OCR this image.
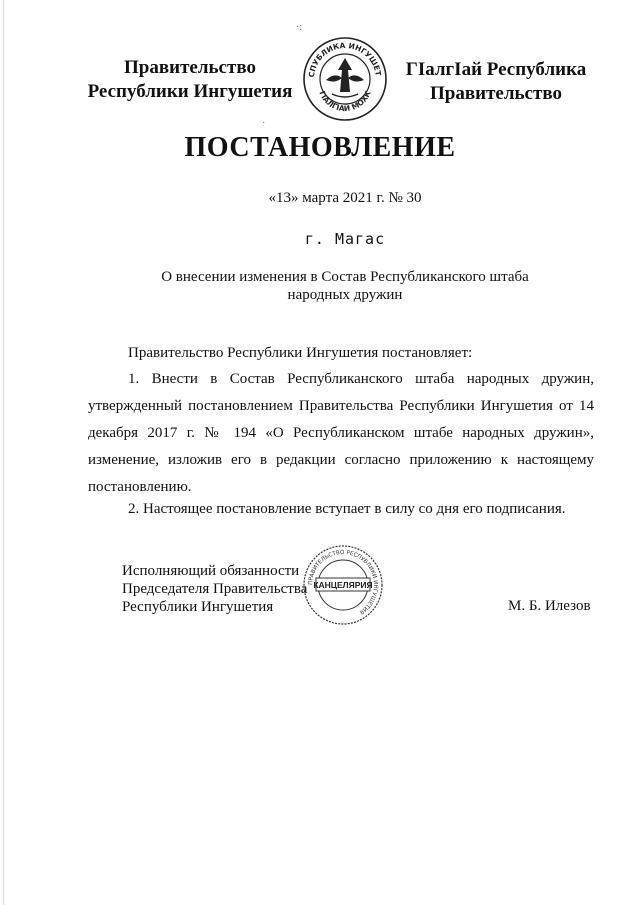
Правительство
Республики Ингушетия
СПУБЛИКА ИНГУШЕТ
ГIАЛГIАЙ МОХК
ГIалгIай Республика
Правительство
ПОСТАНОВЛЕНИЕ
«13» марта 2021 г. № 30
г. Магас
О внесении изменения в Состав Республиканского штаба
народных дружин
Правительство Республики Ингушетия постановляет:
1. Внести в Состав Республиканского штаба народных дружин, утвержденный постановлением Правительства Республики Ингушетия от 14 декабря 2017 г. № 194 «О Республиканском штабе народных дружин», изменение, изложив его в редакции согласно приложению к настоящему постановлению.
2. Настоящее постановление вступает в силу со дня его подписания.
Исполняющий обязанности
Председателя Правительства
Республики Ингушетия
ПРАВИТЕЛЬСТВО РЕСПУБЛИКИ ИНГУШЕТИЯ
КАНЦЕЛЯРИЯ
М. Б. Илезов
·:
·
